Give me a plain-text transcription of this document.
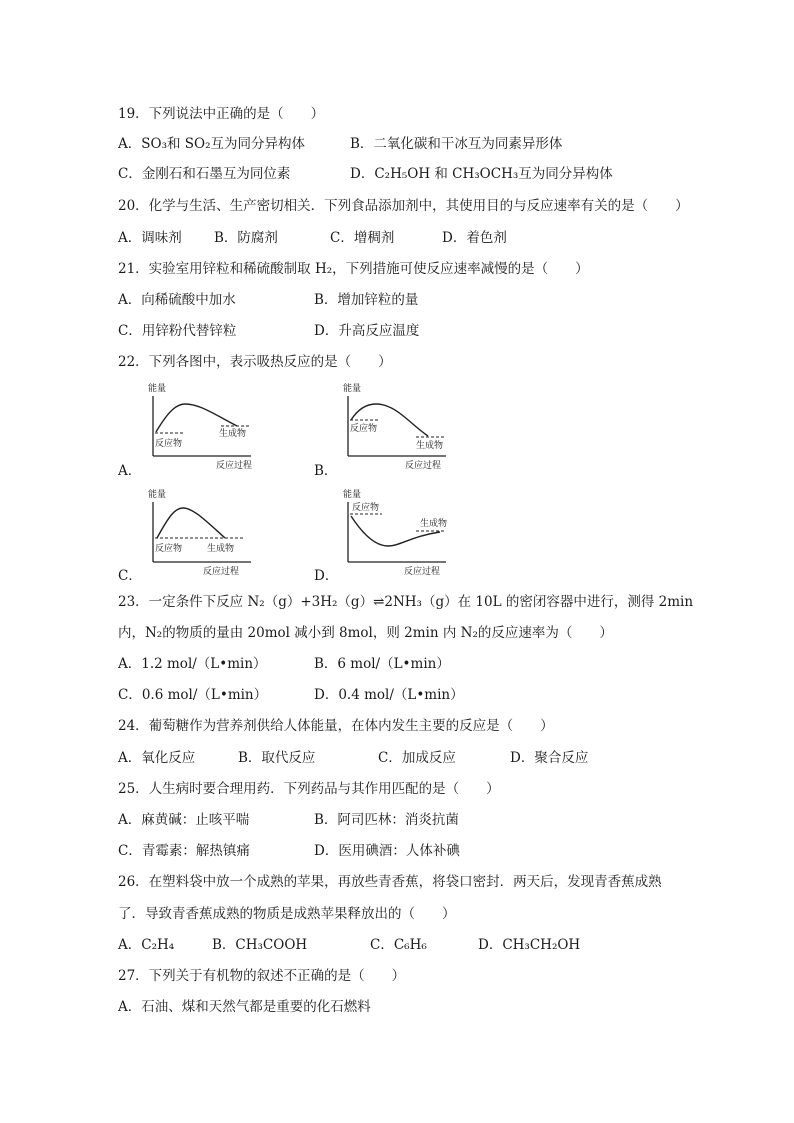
19．下列说法中正确的是（　　）
A．SO₃和 SO₂互为同分异构体	B．二氧化碳和干冰互为同素异形体
C．金刚石和石墨互为同位素	D．C₂H₅OH 和 CH₃OCH₃互为同分异构体
20．化学与生活、生产密切相关．下列食品添加剂中，其使用目的与反应速率有关的是（　　）
A．调味剂 B．防腐剂	C．增稠剂	D．着色剂
21．实验室用锌粒和稀硫酸制取 H₂，下列措施可使反应速率减慢的是（　　）
A．向稀硫酸中加水	B．增加锌粒的量
C．用锌粉代替锌粒	D．升高反应温度
22．下列各图中，表示吸热反应的是（　　）
能量
反应物
生成物
反应过程
A．
能量
反应物
生成物
反应过程
B．
能量
反应物	生成物
反应过程
C．
能量
反应物
生成物
反应过程
D．
23．一定条件下反应 N₂（g）+3H₂（g）⇌2NH₃（g）在 10L 的密闭容器中进行，测得 2min
内，N₂的物质的量由 20mol 减小到 8mol，则 2min 内 N₂的反应速率为（　　）
A．1.2 mol/（L•min）	B．6 mol/（L•min）
C．0.6 mol/（L•min）	D．0.4 mol/（L•min）
24．葡萄糖作为营养剂供给人体能量，在体内发生主要的反应是（　　）
A．氧化反应	B．取代反应	C．加成反应	D．聚合反应
25．人生病时要合理用药．下列药品与其作用匹配的是（　　）
A．麻黄碱：止咳平喘	B．阿司匹林：消炎抗菌
C．青霉素：解热镇痛	D．医用碘酒：人体补碘
26．在塑料袋中放一个成熟的苹果，再放些青香蕉，将袋口密封．两天后，发现青香蕉成熟
了．导致青香蕉成熟的物质是成熟苹果释放出的（　　）
A．C₂H₄	B．CH₃COOH	C．C₆H₆	D．CH₃CH₂OH
27．下列关于有机物的叙述不正确的是（　　）
A．石油、煤和天然气都是重要的化石燃料
